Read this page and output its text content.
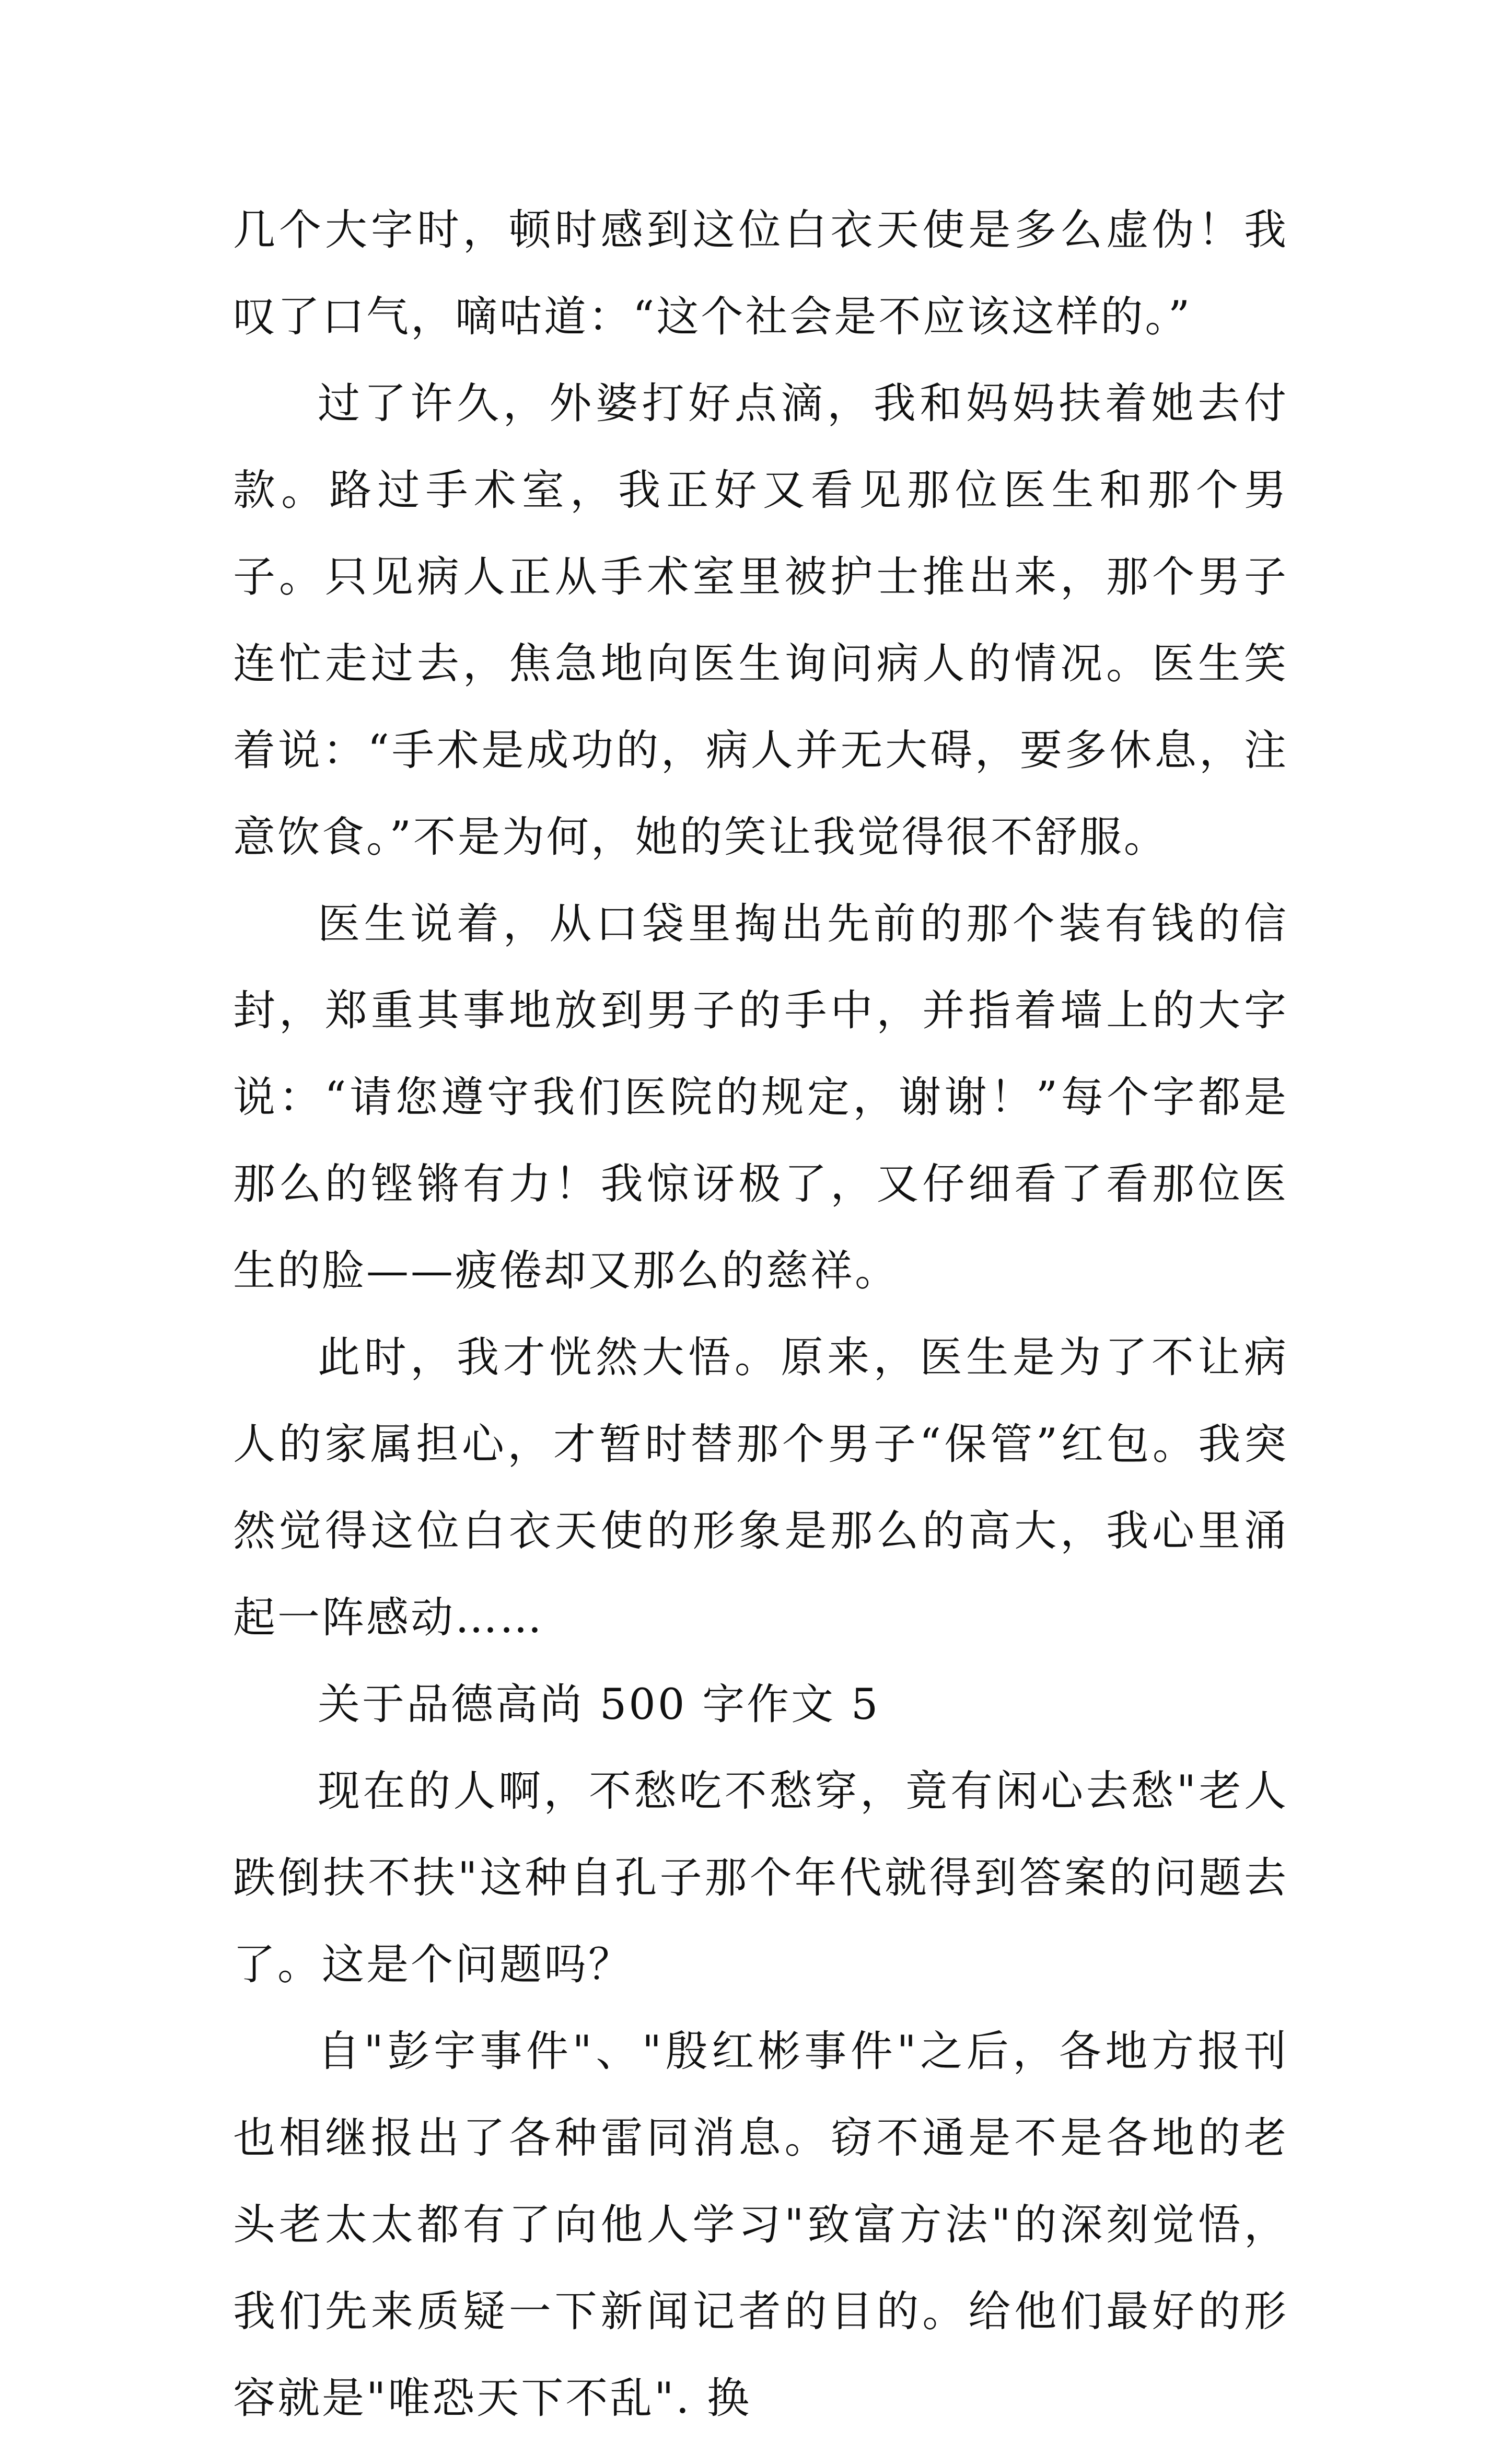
几个大字时，顿时感到这位白衣天使是多么虚伪！我叹了口气，嘀咕道：“这个社会是不应该这样的。”

过了许久，外婆打好点滴，我和妈妈扶着她去付款。路过手术室，我正好又看见那位医生和那个男子。只见病人正从手术室里被护士推出来，那个男子连忙走过去，焦急地向医生询问病人的情况。医生笑着说：“手术是成功的，病人并无大碍，要多休息，注意饮食。”不是为何，她的笑让我觉得很不舒服。

医生说着，从口袋里掏出先前的那个装有钱的信封，郑重其事地放到男子的手中，并指着墙上的大字说：“请您遵守我们医院的规定，谢谢！”每个字都是那么的铿锵有力！我惊讶极了，又仔细看了看那位医生的脸——疲倦却又那么的慈祥。

此时，我才恍然大悟。原来，医生是为了不让病人的家属担心，才暂时替那个男子“保管”红包。我突然觉得这位白衣天使的形象是那么的高大，我心里涌起一阵感动……

关于品德高尚 500 字作文 5

现在的人啊，不愁吃不愁穿，竟有闲心去愁"老人跌倒扶不扶"这种自孔子那个年代就得到答案的问题去了。这是个问题吗？

自"彭宇事件"、"殷红彬事件"之后，各地方报刊也相继报出了各种雷同消息。窃不通是不是各地的老头老太太都有了向他人学习"致富方法"的深刻觉悟，我们先来质疑一下新闻记者的目的。给他们最好的形容就是"唯恐天下不乱". 换
